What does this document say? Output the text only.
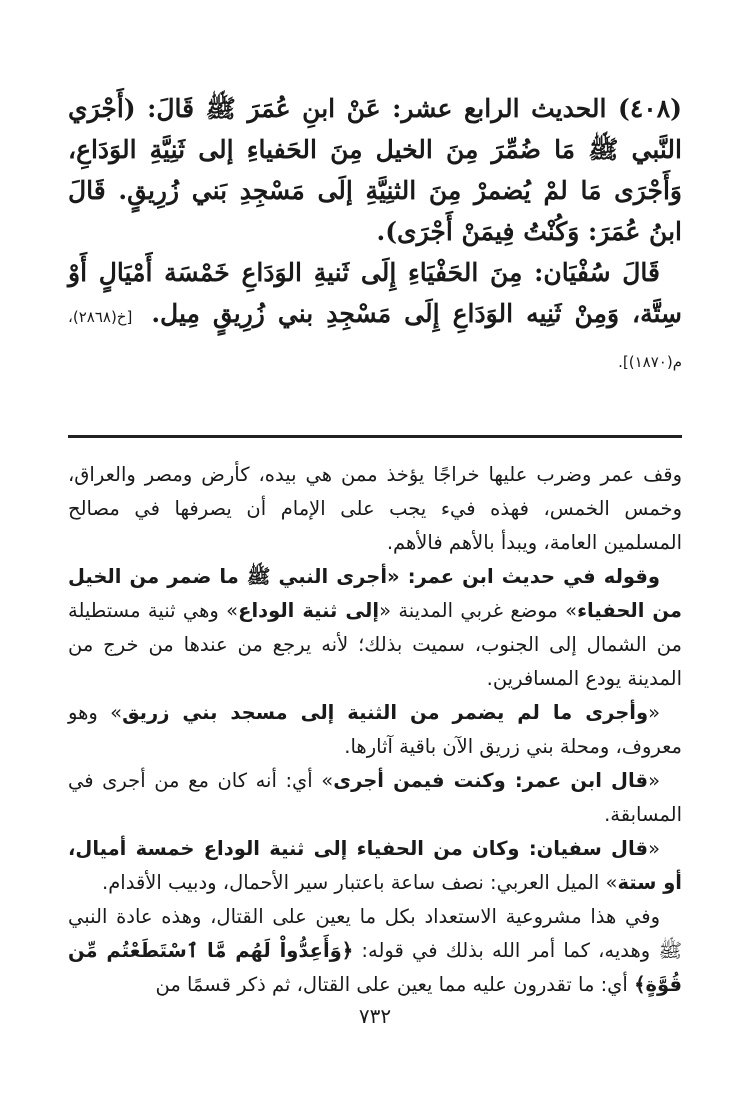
(٤٠٨) الحديث الرابع عشر: عَنْ ابنِ عُمَرَ ﷺ قَالَ: (أَجْرَي النَّبي ﷺ مَا ضُمِّرَ مِنَ الخيل مِنَ الحَفياءِ إلى ثَنِيَّةِ الوَدَاعِ، وَأَجْرَى مَا لمْ يُضمرْ مِنَ الثنِيَّةِ إلَى مَسْجِدِ بَني زُرِيقٍ. قَالَ ابنُ عُمَرَ: وَكُنْتُ فِيمَنْ أَجْرَى).

قَالَ سُفْيَان: مِنَ الحَفْيَاءِ إِلَى ثَنيةِ الوَدَاعِ خَمْسَة أَمْيَالٍ أَوْ سِتَّة، وَمِنْ ثَنِيه الوَدَاعِ إِلَى مَسْجِدِ بني زُرِيقٍ مِيل. [خ(٢٨٦٨)، م(١٨٧٠)].

وقف عمر وضرب عليها خراجًا يؤخذ ممن هي بيده، كأرض ومصر والعراق، وخمس الخمس، فهذه فيء يجب على الإمام أن يصرفها في مصالح المسلمين العامة، ويبدأ بالأهم فالأهم.

وقوله في حديث ابن عمر: «أجرى النبي ﷺ ما ضمر من الخيل من الحفياء» موضع غربي المدينة «إلى ثنية الوداع» وهي ثنية مستطيلة من الشمال إلى الجنوب، سميت بذلك؛ لأنه يرجع من عندها من خرج من المدينة يودع المسافرين.

«وأجرى ما لم يضمر من الثنية إلى مسجد بني زريق» وهو معروف، ومحلة بني زريق الآن باقية آثارها.

«قال ابن عمر: وكنت فيمن أجرى» أي: أنه كان مع من أجرى في المسابقة.

«قال سفيان: وكان من الحفياء إلى ثنية الوداع خمسة أميال، أو ستة» الميل العربي: نصف ساعة باعتبار سير الأحمال، ودبيب الأقدام.

وفي هذا مشروعية الاستعداد بكل ما يعين على القتال، وهذه عادة النبي ﷺ وهديه، كما أمر الله بذلك في قوله: ﴿وَأَعِدُّواْ لَهُم مَّا ٱسْتَطَعْتُم مِّن قُوَّةٍ﴾ أي: ما تقدرون عليه مما يعين على القتال، ثم ذكر قسمًا من

٧٣٢
